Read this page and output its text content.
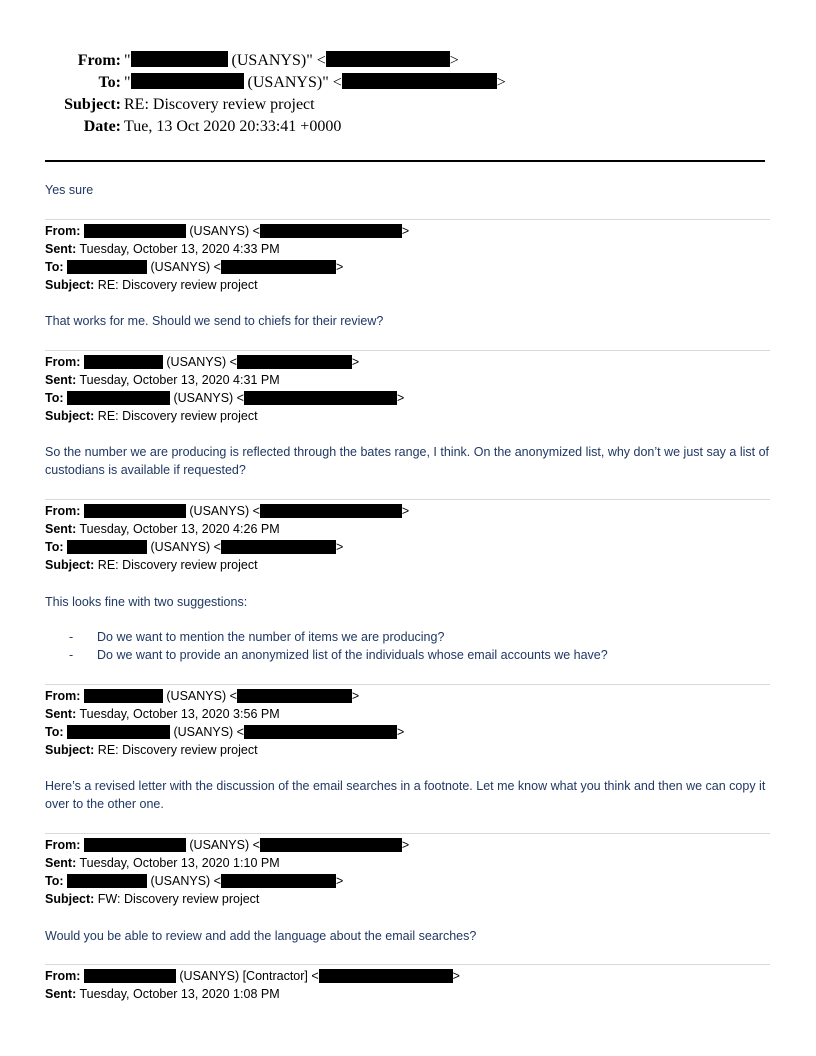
From: "	(USANYS)" <	>
To: "	(USANYS)" <	>
Subject: RE: Discovery review project
Date: Tue, 13 Oct 2020 20:33:41 +0000
Yes sure
From:	(USANYS) <	>
Sent: Tuesday, October 13, 2020 4:33 PM
To:	(USANYS) <	>
Subject: RE: Discovery review project
That works for me. Should we send to chiefs for their review?
From:	(USANYS) <	>
Sent: Tuesday, October 13, 2020 4:31 PM
To:	(USANYS) <	>
Subject: RE: Discovery review project
So the number we are producing is reflected through the bates range, I think. On the anonymized list, why don’t we just say a list of custodians is available if requested?
From:	(USANYS) <	>
Sent: Tuesday, October 13, 2020 4:26 PM
To:	(USANYS) <	>
Subject: RE: Discovery review project
This looks fine with two suggestions:
- Do we want to mention the number of items we are producing?
- Do we want to provide an anonymized list of the individuals whose email accounts we have?
From:	(USANYS) <	>
Sent: Tuesday, October 13, 2020 3:56 PM
To:	(USANYS) <	>
Subject: RE: Discovery review project
Here’s a revised letter with the discussion of the email searches in a footnote. Let me know what you think and then we can copy it over to the other one.
From:	(USANYS) <	>
Sent: Tuesday, October 13, 2020 1:10 PM
To:	(USANYS) <	>
Subject: FW: Discovery review project
Would you be able to review and add the language about the email searches?
From:	(USANYS) [Contractor] <	>
Sent: Tuesday, October 13, 2020 1:08 PM
